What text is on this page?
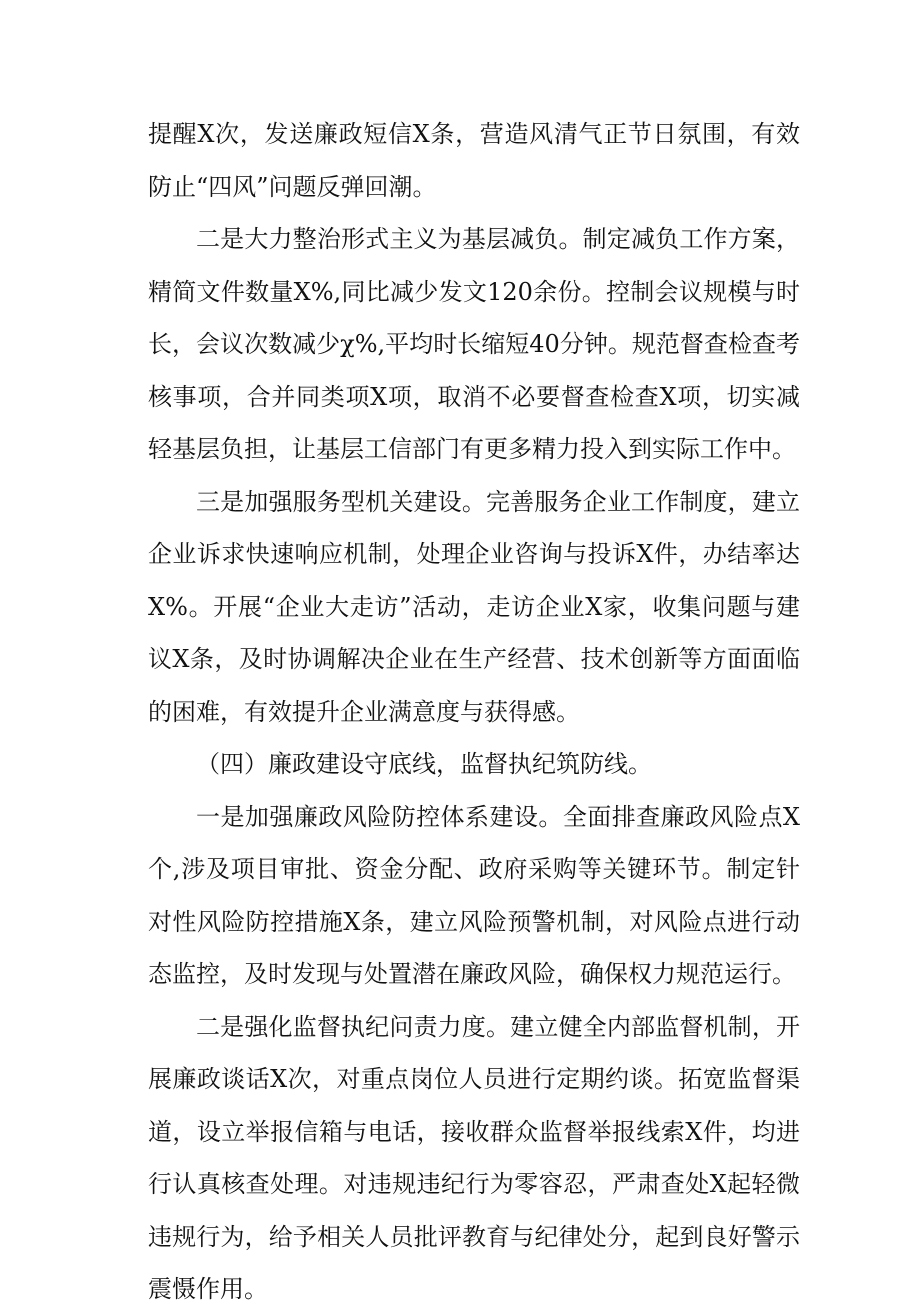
提醒X次，发送廉政短信X条，营造风清气正节日氛围，有效防止“四风”问题反弹回潮。

二是大力整治形式主义为基层减负。制定减负工作方案，精简文件数量X%,同比减少发文120余份。控制会议规模与时长，会议次数减少χ%,平均时长缩短40分钟。规范督查检查考核事项，合并同类项X项，取消不必要督查检查X项，切实减轻基层负担，让基层工信部门有更多精力投入到实际工作中。

三是加强服务型机关建设。完善服务企业工作制度，建立企业诉求快速响应机制，处理企业咨询与投诉X件，办结率达X%。开展“企业大走访”活动，走访企业X家，收集问题与建议X条，及时协调解决企业在生产经营、技术创新等方面面临的困难，有效提升企业满意度与获得感。

（四）廉政建设守底线，监督执纪筑防线。

一是加强廉政风险防控体系建设。全面排查廉政风险点X个,涉及项目审批、资金分配、政府采购等关键环节。制定针对性风险防控措施X条，建立风险预警机制，对风险点进行动态监控，及时发现与处置潜在廉政风险，确保权力规范运行。

二是强化监督执纪问责力度。建立健全内部监督机制，开展廉政谈话X次，对重点岗位人员进行定期约谈。拓宽监督渠道，设立举报信箱与电话，接收群众监督举报线索X件，均进行认真核查处理。对违规违纪行为零容忍，严肃查处X起轻微违规行为，给予相关人员批评教育与纪律处分，起到良好警示震慑作用。
